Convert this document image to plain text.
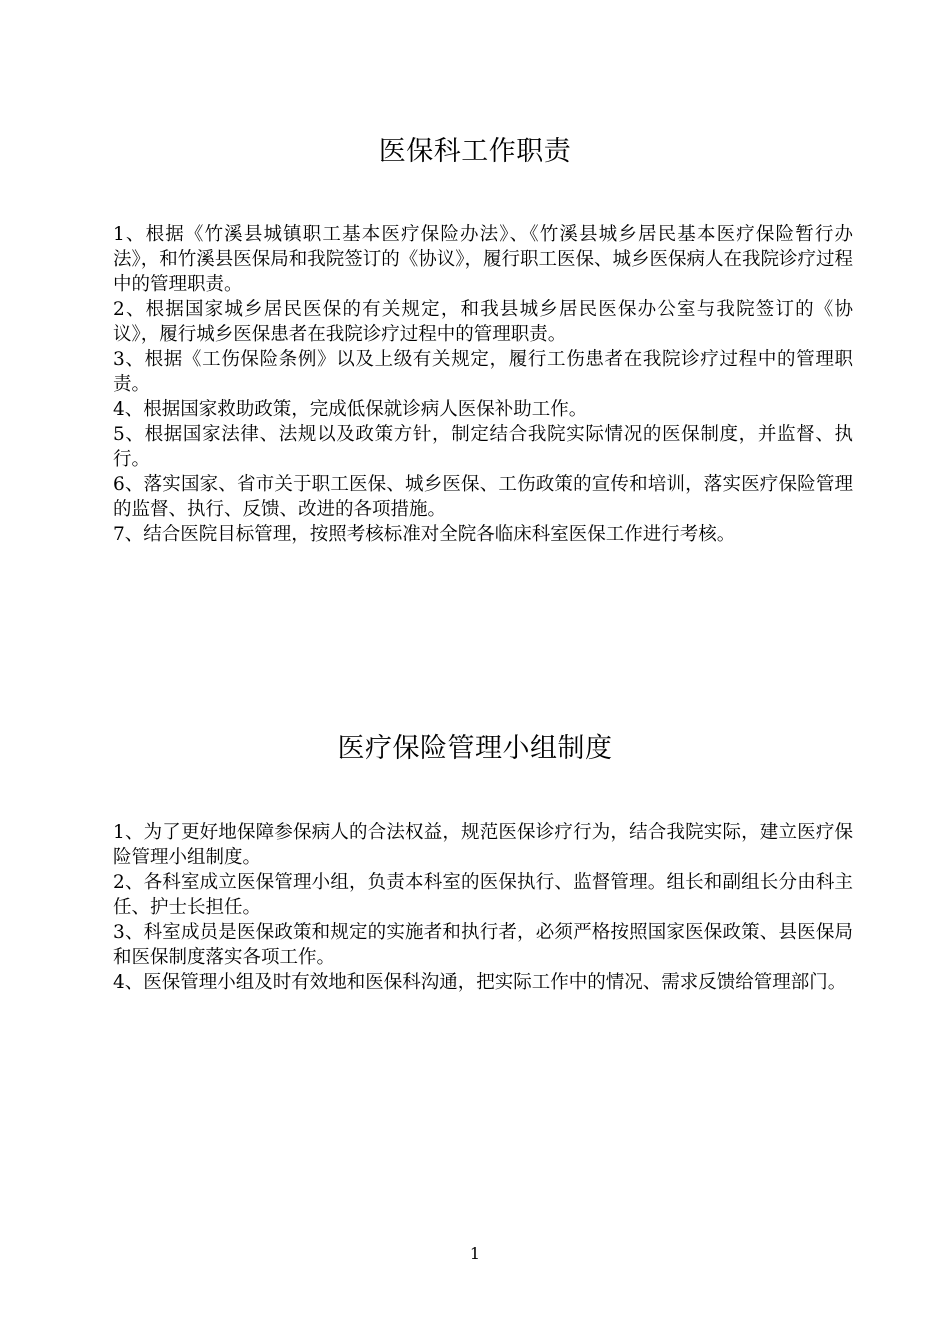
医保科工作职责

1、根据《竹溪县城镇职工基本医疗保险办法》、《竹溪县城乡居民基本医疗保险暂行办法》，和竹溪县医保局和我院签订的《协议》，履行职工医保、城乡医保病人在我院诊疗过程中的管理职责。

2、根据国家城乡居民医保的有关规定，和我县城乡居民医保办公室与我院签订的《协议》，履行城乡医保患者在我院诊疗过程中的管理职责。

3、根据《工伤保险条例》以及上级有关规定，履行工伤患者在我院诊疗过程中的管理职责。

4、根据国家救助政策，完成低保就诊病人医保补助工作。

5、根据国家法律、法规以及政策方针，制定结合我院实际情况的医保制度，并监督、执行。

6、落实国家、省市关于职工医保、城乡医保、工伤政策的宣传和培训，落实医疗保险管理的监督、执行、反馈、改进的各项措施。

7、结合医院目标管理，按照考核标准对全院各临床科室医保工作进行考核。

医疗保险管理小组制度

1、为了更好地保障参保病人的合法权益，规范医保诊疗行为，结合我院实际，建立医疗保险管理小组制度。

2、各科室成立医保管理小组，负责本科室的医保执行、监督管理。组长和副组长分由科主任、护士长担任。

3、科室成员是医保政策和规定的实施者和执行者，必须严格按照国家医保政策、县医保局和医保制度落实各项工作。

4、医保管理小组及时有效地和医保科沟通，把实际工作中的情况、需求反馈给管理部门。

1
